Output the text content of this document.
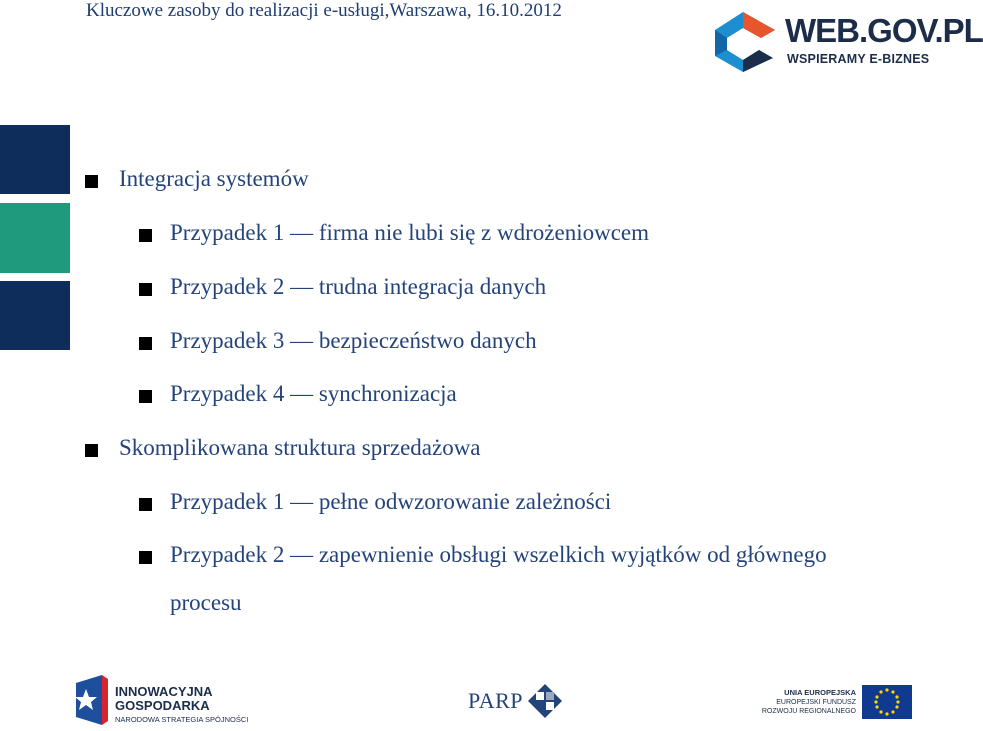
Kluczowe zasoby do realizacji e-usługi,Warszawa, 16.10.2012
WEB.GOV.PL
WSPIERAMY E-BIZNES
Integracja systemów
Przypadek 1 — firma nie lubi się z wdrożeniowcem
Przypadek 2 — trudna integracja danych
Przypadek 3 — bezpieczeństwo danych
Przypadek 4 — synchronizacja
Skomplikowana struktura sprzedażowa
Przypadek 1 — pełne odwzorowanie zależności
Przypadek 2 — zapewnienie obsługi wszelkich wyjątków od głównego
procesu
INNOWACYJNA
GOSPODARKA
NARODOWA STRATEGIA SPÓJNOŚCI
PARP	UNIA EUROPEJSKA
EUROPEJSKI FUNDUSZ
ROZWOJU REGIONALNEGO
